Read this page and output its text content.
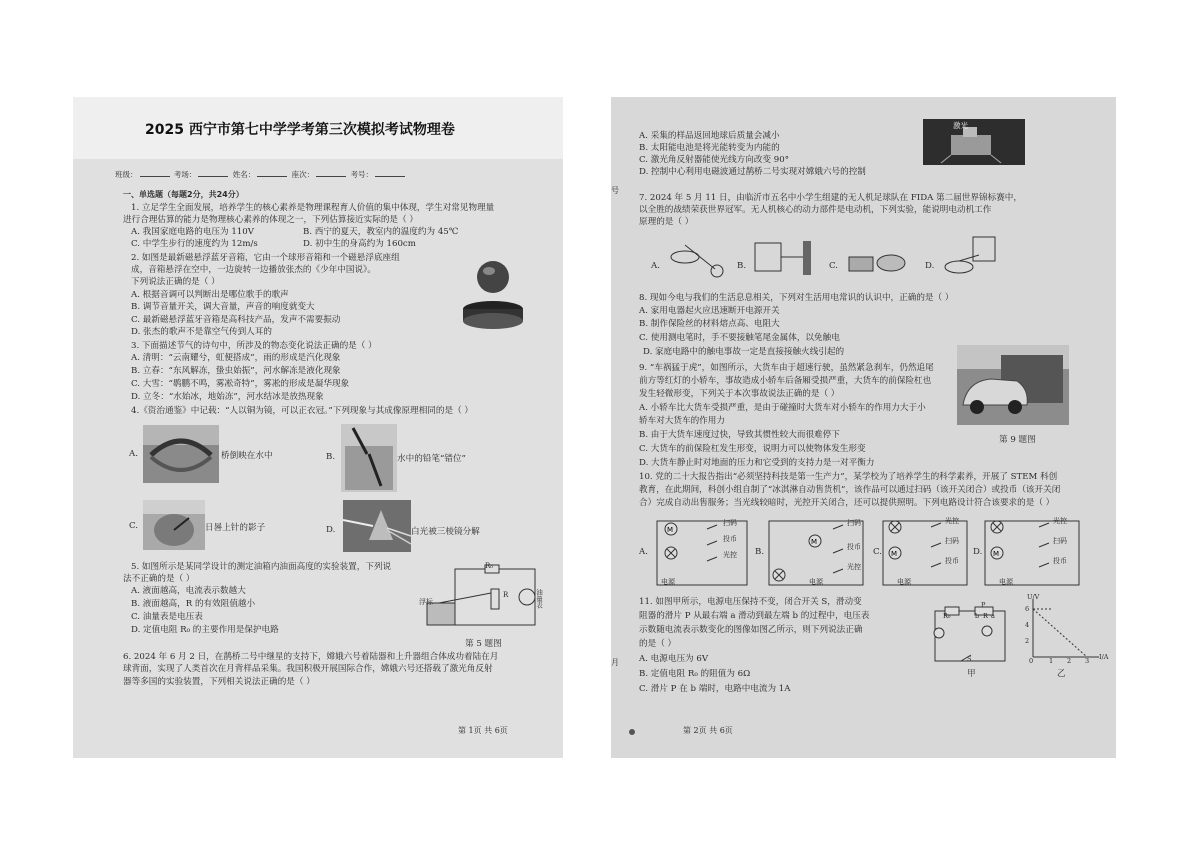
2025 西宁市第七中学学考第三次模拟考试物理卷
班级：	考场：	姓名：	座次：	考号：
一、单选题（每题2分，共24分）
1. 立足学生全面发展，培养学生的核心素养是物理课程育人价值的集中体现，学生对常见物理量
进行合理估算的能力是物理核心素养的体现之一，下列估算接近实际的是（ ）
A. 我国家庭电路的电压为 110V	B. 西宁的夏天，教室内的温度约为 45℃
C. 中学生步行的速度约为 12m/s	D. 初中生的身高约为 160cm
2. 如图是最新磁悬浮蓝牙音箱，它由一个球形音箱和一个磁悬浮底座组
成，音箱悬浮在空中，一边旋转一边播放张杰的《少年中国说》。
下列说法正确的是（ ）
A. 根据音调可以判断出是哪位歌手的歌声
B. 调节音量开关，调大音量，声音的响度就变大
C. 最新磁悬浮蓝牙音箱是高科技产品，发声不需要振动
D. 张杰的歌声不是靠空气传到人耳的
3. 下面描述节气的诗句中，所涉及的物态变化说法正确的是（ ）
A. 清明：“云南耀兮，虹便搭成”，雨的形成是汽化现象
B. 立春：“东风解冻，蛰虫始振”，河水解冻是液化现象
C. 大雪：“鹖鹏不鸣，雾凇奇特”，雾凇的形成是凝华现象
D. 立冬：“水始冰，地始冻”，河水结冰是放热现象
4.《资治通鉴》中记载：“人以铜为镜，可以正衣冠。”下列现象与其成像原理相同的是（ ）
A.	桥倒映在水中	B.	水中的铅笔“错位”
C.	日晷上针的影子	D.	白光被三棱镜分解
5. 如图所示是某同学设计的测定油箱内油面高度的实验装置，下列说
法不正确的是（ ）
A. 液面越高，电流表示数越大
B. 液面越高，R 的有效阻值越小
C. 油量表是电压表
D. 定值电阻 R₀ 的主要作用是保护电路
R₀
R
浮标	油量表
第 5 题图
6. 2024 年 6 月 2 日，在鹊桥二号中继星的支持下，嫦娥六号着陆器和上升器组合体成功着陆在月
球背面，实现了人类首次在月背样品采集。我国积极开展国际合作，嫦娥六号还搭载了激光角反射
器等多国的实验装置，下列相关说法正确的是（ ）
第 1页 共 6页
A. 采集的样品返回地球后质量会减小
B. 太阳能电池是将光能转变为内能的
C. 激光角反射器能使光线方向改变 90°
D. 控制中心利用电磁波通过鹊桥二号实现对嫦娥六号的控制
号
激光
7. 2024 年 5 月 11 日，由临沂市五名中小学生组建的无人机足球队在 FIDA 第二届世界锦标赛中，
以全胜的战绩荣获世界冠军。无人机核心的动力部件是电动机，下列实验，能说明电动机工作
原理的是（ ）
A.	B.	C.	D.
8. 现如今电与我们的生活息息相关，下列对生活用电常识的认识中，正确的是（ ）
A. 家用电器起火应迅速断开电源开关
B. 制作保险丝的材料熔点高、电阻大
C. 使用测电笔时，手不要接触笔尾金属体，以免触电
D. 家庭电路中的触电事故一定是直接接触火线引起的
9. “车祸猛于虎”，如图所示，大货车由于超速行驶，虽然紧急刹车，仍然追尾
前方等红灯的小轿车，事故造成小轿车后备厢受损严重，大货车的前保险杠也
发生轻微形变，下列关于本次事故说法正确的是（ ）
A. 小轿车比大货车受损严重，是由于碰撞时大货车对小轿车的作用力大于小
轿车对大货车的作用力
B. 由于大货车速度过快，导致其惯性较大而很难停下
C. 大货车的前保险杠发生形变，说明力可以使物体发生形变
D. 大货车静止时对地面的压力和它受到的支持力是一对平衡力
第 9 题图
10. 党的二十大报告指出“必须坚持科技是第一生产力”，某学校为了培养学生的科学素养，开展了 STEM 科创
教育，在此期间，科创小组自制了“冰淇淋自动售货机”，该作品可以通过扫码（该开关闭合）或投币（该开关闭
合）完成自动出售服务；当光线较暗时，光控开关闭合，还可以提供照明。下列电路设计符合该要求的是（ ）
A.
M
B.
M
C. M	D. M
扫码
投币
光控
电源
扫码
投币
光控
电源
光控
扫码
投币
电源
光控
扫码
投币
电源
11. 如图甲所示，电源电压保持不变，闭合开关 S，滑动变
阻器的滑片 P 从最右端 a 滑动到最左端 b 的过程中，电压表
示数随电流表示数变化的图像如图乙所示，则下列说法正确
的是（ ）
A. 电源电压为 6V
B. 定值电阻 R₀ 的阻值为 6Ω
C. 滑片 P 在 b 端时，电路中电流为 1A
月
R₀
P
b R a
S
甲
U/V
6
4
2
0 1 2 3 I/A
乙
第 2页 共 6页
